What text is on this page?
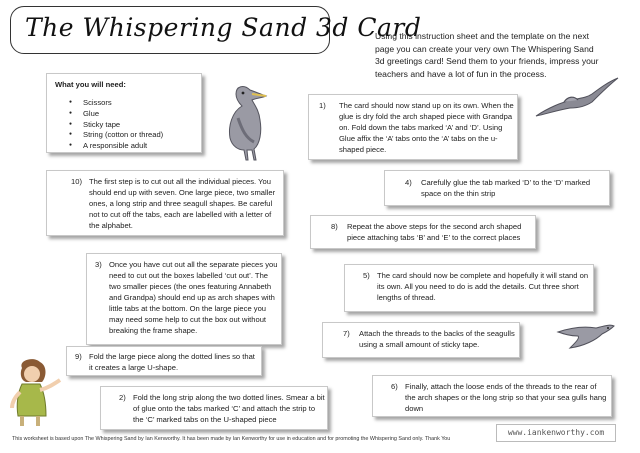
The Whispering Sand 3d Card
Using this instruction sheet and the template on the next page you can create your very own The Whispering Sand 3d greetings card! Send them to your friends, impress your teachers and have a lot of fun in the process.
What you will need:
● Scissors
● Glue
● Sticky tape
● String (cotton or thread)
● A responsible adult
1) The card should now stand up on its own. When the glue is dry fold the arch shaped piece with Grandpa on. Fold down the tabs marked ‘A’ and ‘D’. Using Glue affix the ‘A’ tabs onto the ‘A’ tabs on the u-shaped piece.
10) The first step is to cut out all the individual pieces. You should end up with seven. One large piece, two smaller ones, a long strip and three seagull shapes. Be careful not to cut off the tabs, each are labelled with a letter of the alphabet.
4) Carefully glue the tab marked ‘D’ to the ‘D’ marked space on the thin strip
8) Repeat the above steps for the second arch shaped piece attaching tabs ‘B’ and ‘E’ to the correct places
3) Once you have cut out all the separate pieces you need to cut out the boxes labelled ‘cut out’. The two smaller pieces (the ones featuring Annabeth and Grandpa) should end up as arch shapes with little tabs at the bottom. On the large piece you may need some help to cut the box out without breaking the frame shape.
5) The card should now be complete and hopefully it will stand on its own. All you need to do is add the details. Cut three short lengths of thread.
7) Attach the threads to the backs of the seagulls using a small amount of sticky tape.
9) Fold the large piece along the dotted lines so that it creates a large U-shape.
6) Finally, attach the loose ends of the threads to the rear of the arch shapes or the long strip so that your sea gulls hang down
2) Fold the long strip along the two dotted lines. Smear a bit of glue onto the tabs marked ‘C’ and attach the strip to the ‘C’ marked tabs on the U-shaped piece
This worksheet is based upon The Whispering Sand by Ian Kenworthy. It has been made by Ian Kenworthy for use in education and for promoting the Whispering Sand only. Thank You
www.iankenworthy.com
